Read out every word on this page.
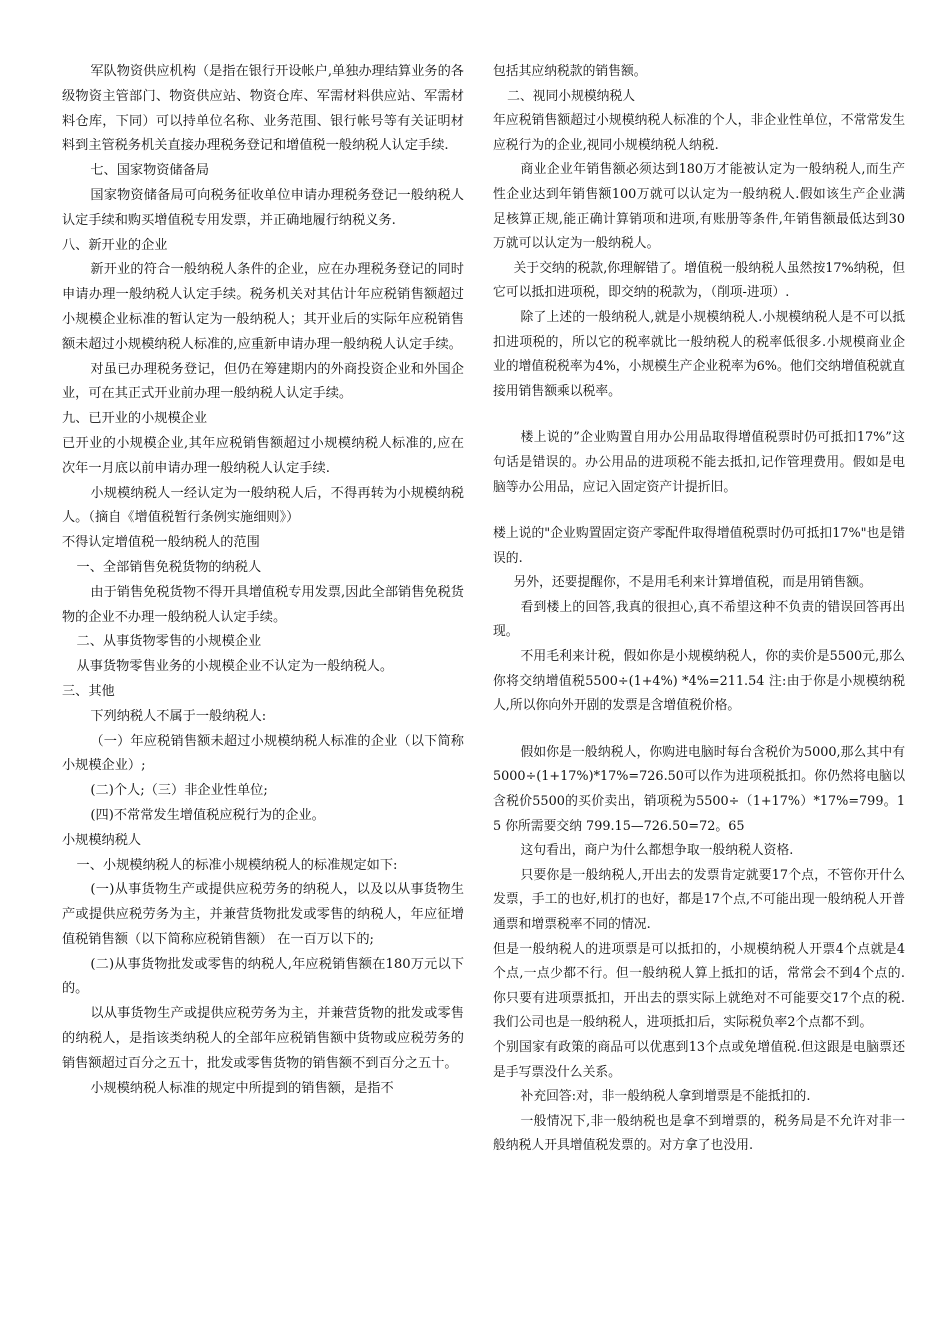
军队物资供应机构（是指在银行开设帐户,单独办理结算业务的各级物资主管部门、物资供应站、物资仓库、军需材料供应站、军需材料仓库，下同）可以持单位名称、业务范围、银行帐号等有关证明材料到主管税务机关直接办理税务登记和增值税一般纳税人认定手续.

七、国家物资储备局

国家物资储备局可向税务征收单位申请办理税务登记一般纳税人认定手续和购买增值税专用发票，并正确地履行纳税义务.

八、新开业的企业

新开业的符合一般纳税人条件的企业，应在办理税务登记的同时申请办理一般纳税人认定手续。税务机关对其估计年应税销售额超过小规模企业标准的暂认定为一般纳税人；其开业后的实际年应税销售额未超过小规模纳税人标准的,应重新申请办理一般纳税人认定手续。

对虽已办理税务登记，但仍在筹建期内的外商投资企业和外国企业，可在其正式开业前办理一般纳税人认定手续。

九、已开业的小规模企业

已开业的小规模企业,其年应税销售额超过小规模纳税人标准的,应在次年一月底以前申请办理一般纳税人认定手续.

小规模纳税人一经认定为一般纳税人后，不得再转为小规模纳税人。（摘自《增值税暂行条例实施细则》）

不得认定增值税一般纳税人的范围

一、全部销售免税货物的纳税人

由于销售免税货物不得开具增值税专用发票,因此全部销售免税货物的企业不办理一般纳税人认定手续。

二、从事货物零售的小规模企业

从事货物零售业务的小规模企业不认定为一般纳税人。

三、其他

下列纳税人不属于一般纳税人:

（一）年应税销售额未超过小规模纳税人标准的企业（以下简称小规模企业）;

(二)个人;（三）非企业性单位;

(四)不常常发生增值税应税行为的企业。

小规模纳税人

一、小规模纳税人的标准小规模纳税人的标准规定如下:

(一)从事货物生产或提供应税劳务的纳税人，以及以从事货物生产或提供应税劳务为主，并兼营货物批发或零售的纳税人，年应征增值税销售额（以下简称应税销售额） 在一百万以下的;

(二)从事货物批发或零售的纳税人,年应税销售额在180万元以下的。

以从事货物生产或提供应税劳务为主，并兼营货物的批发或零售的纳税人，是指该类纳税人的全部年应税销售额中货物或应税劳务的销售额超过百分之五十，批发或零售货物的销售额不到百分之五十。

小规模纳税人标准的规定中所提到的销售额，是指不

包括其应纳税款的销售额。

二、视同小规模纳税人

年应税销售额超过小规模纳税人标准的个人，非企业性单位，不常常发生应税行为的企业,视同小规模纳税人纳税.

商业企业年销售额必须达到180万才能被认定为一般纳税人,而生产性企业达到年销售额100万就可以认定为一般纳税人.假如该生产企业满足核算正规,能正确计算销项和进项,有账册等条件,年销售额最低达到30万就可以认定为一般纳税人。

关于交纳的税款,你理解错了。增值税一般纳税人虽然按17%纳税，但它可以抵扣进项税，即交纳的税款为，（削项-进项）.

除了上述的一般纳税人,就是小规模纳税人.小规模纳税人是不可以抵扣进项税的，所以它的税率就比一般纳税人的税率低很多.小规模商业企业的增值税税率为4%，小规模生产企业税率为6%。他们交纳增值税就直接用销售额乘以税率。

楼上说的”企业购置自用办公用品取得增值税票时仍可抵扣17%”这句话是错误的。办公用品的进项税不能去抵扣,记作管理费用。假如是电脑等办公用品，应记入固定资产计提折旧。

楼上说的"企业购置固定资产零配件取得增值税票时仍可抵扣17%"也是错误的.

另外，还要提醒你，不是用毛利来计算增值税，而是用销售额。

看到楼上的回答,我真的很担心,真不希望这种不负责的错误回答再出现。

不用毛利来计税，假如你是小规模纳税人，你的卖价是5500元,那么你将交纳增值税5500÷(1+4%) *4%=211.54 注:由于你是小规模纳税人,所以你向外开剧的发票是含增值税价格。

假如你是一般纳税人，你购进电脑时每台含税价为5000,那么其中有5000÷(1+17%)*17%=726.50可以作为进项税抵扣。你仍然将电脑以含税价5500的买价卖出，销项税为5500÷（1+17%）*17%=799。15 你所需要交纳 799.15—726.50=72。65

这句看出，商户为什么都想争取一般纳税人资格.

只要你是一般纳税人,开出去的发票肯定就要17个点，不管你开什么发票，手工的也好,机打的也好，都是17个点,不可能出现一般纳税人开普通票和增票税率不同的情况.

但是一般纳税人的进项票是可以抵扣的，小规模纳税人开票4个点就是4个点,一点少都不行。但一般纳税人算上抵扣的话，常常会不到4个点的.你只要有进项票抵扣，开出去的票实际上就绝对不可能要交17个点的税.我们公司也是一般纳税人，进项抵扣后，实际税负率2个点都不到。

个别国家有政策的商品可以优惠到13个点或免增值税.但这跟是电脑票还是手写票没什么关系。

补充回答:对，非一般纳税人拿到增票是不能抵扣的.

一般情况下,非一般纳税也是拿不到增票的，税务局是不允许对非一般纳税人开具增值税发票的。对方拿了也没用.
